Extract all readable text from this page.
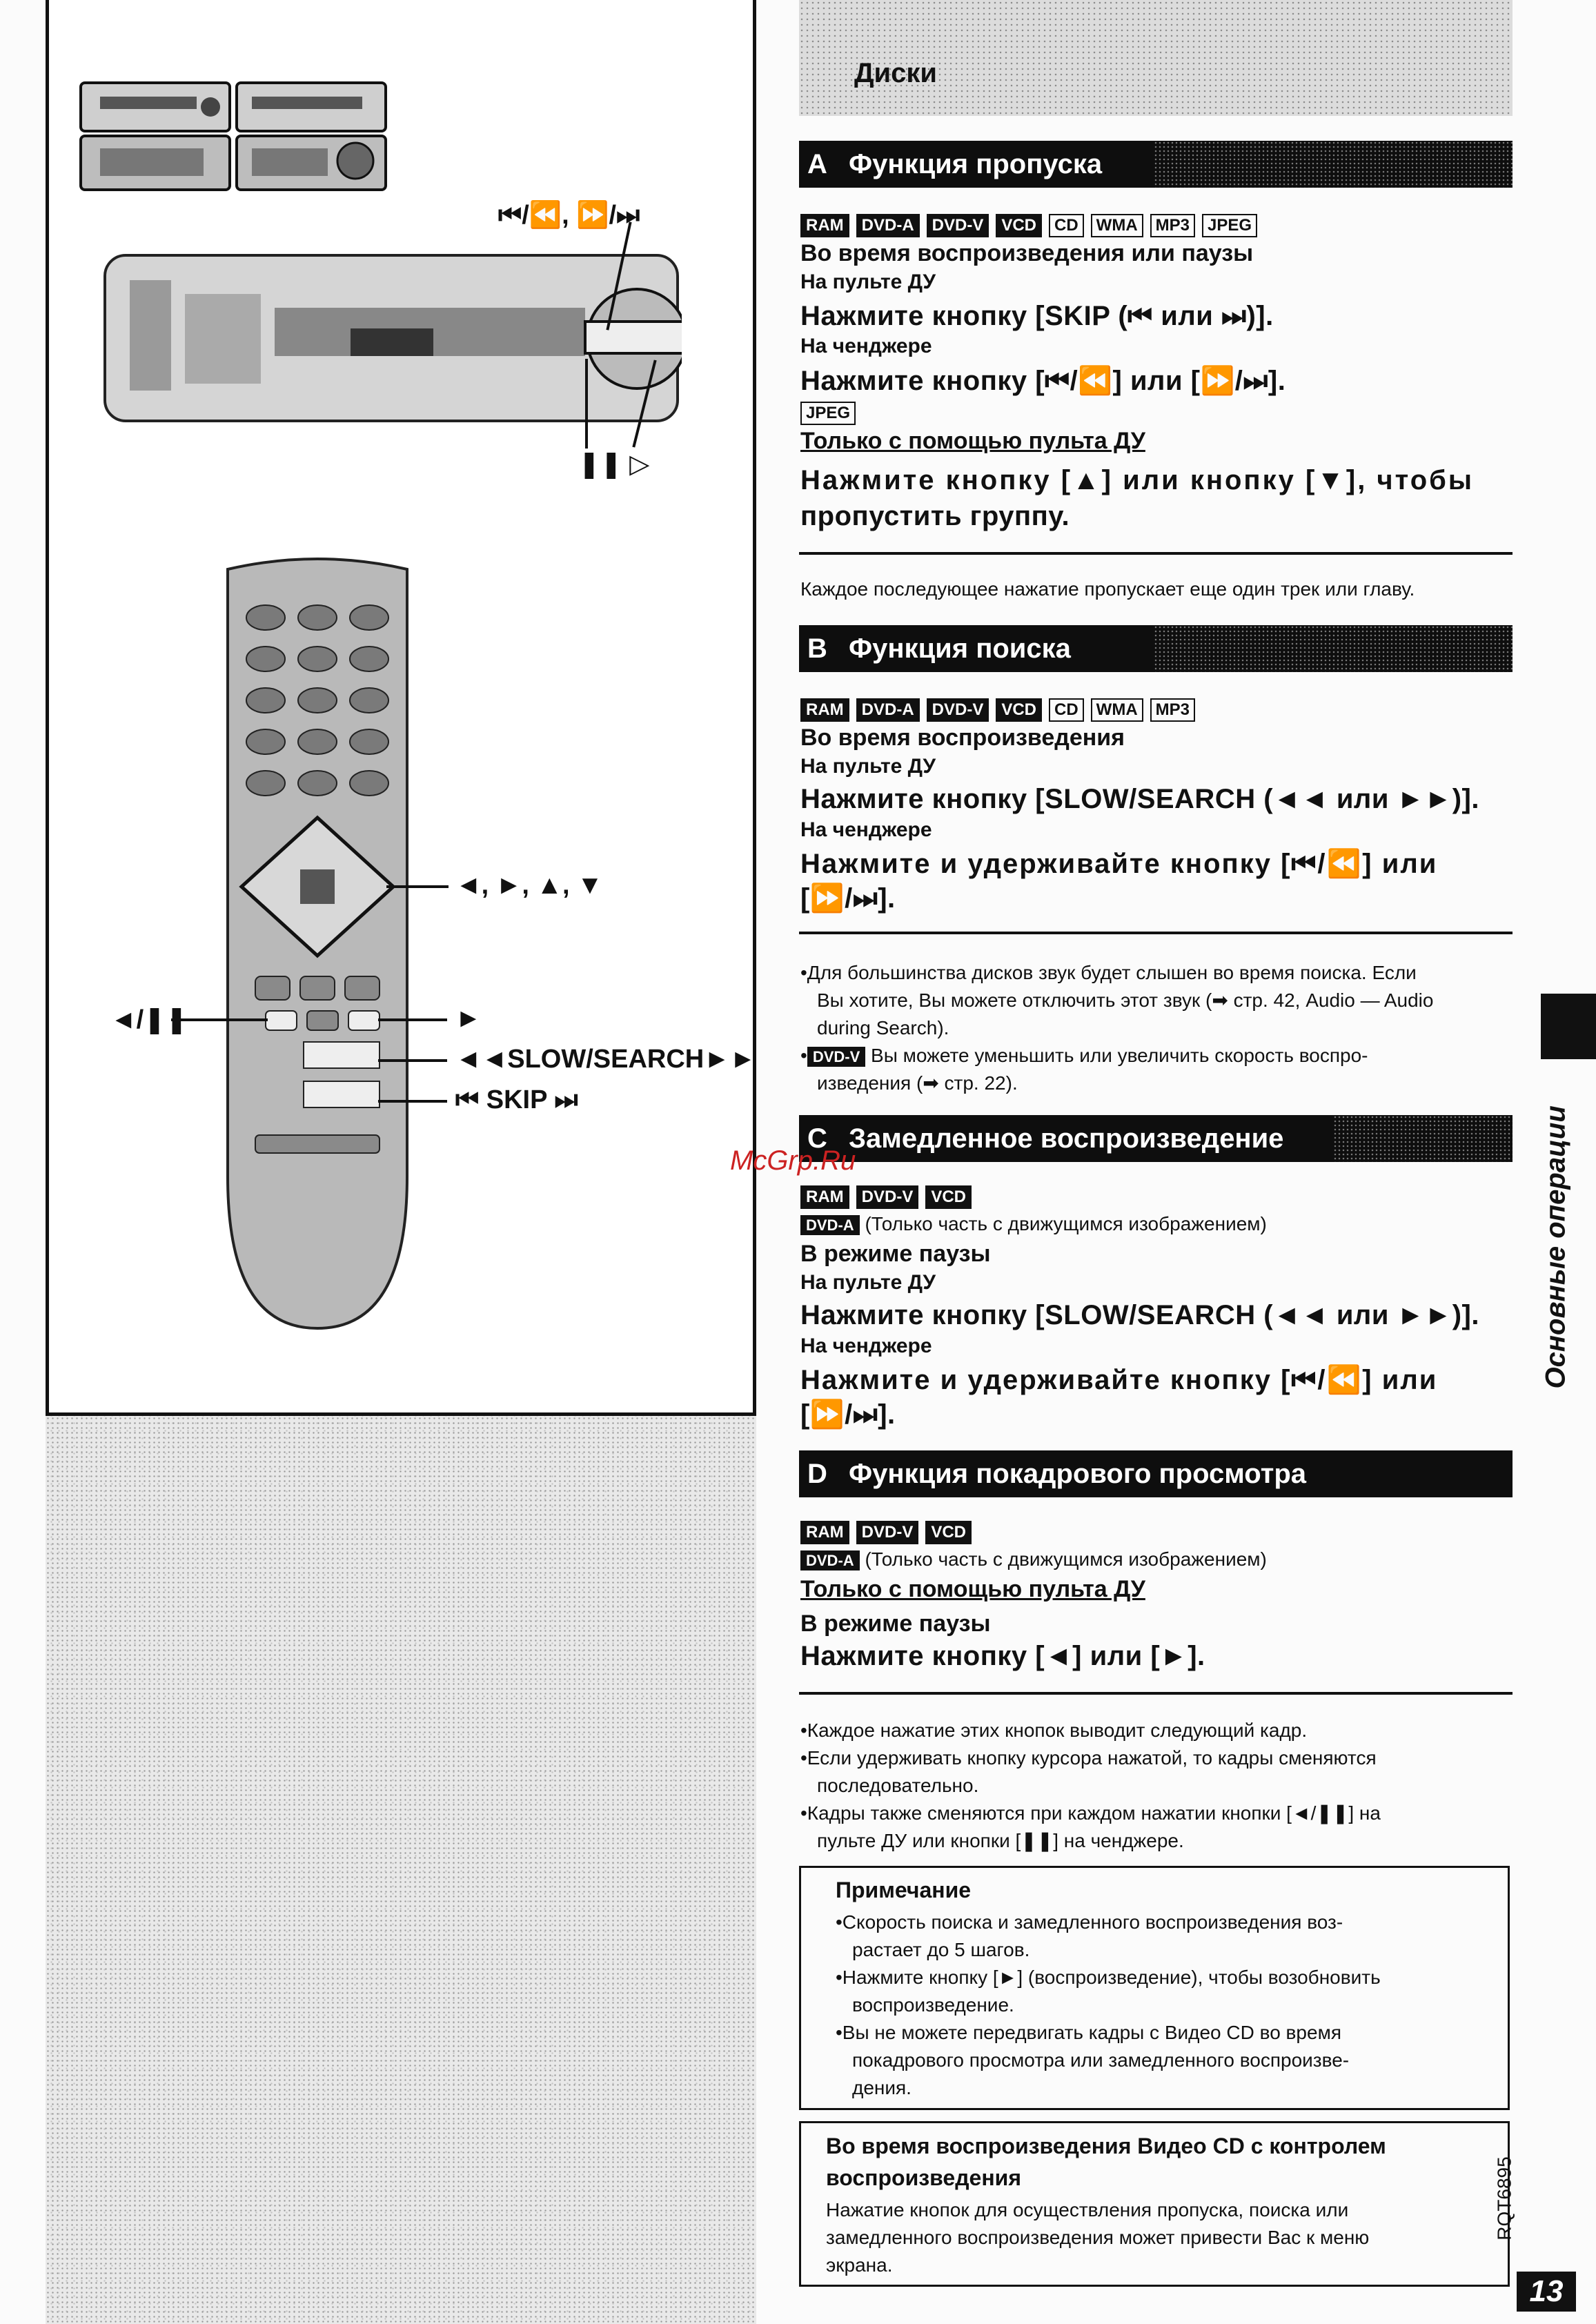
⏮/⏪, ⏩/⏭
❚❚ ▷
◄, ►, ▲, ▼
◄/❚❚	►
◄◄SLOW/SEARCH►►
⏮ SKIP ⏭
Диски
A Функция пропуска
RAM	DVD-A	DVD-V	VCD	CD	WMA	MP3	JPEG
Во время воспроизведения или паузы
На пульте ДУ
Нажмите кнопку [SKIP (⏮ или ⏭)].
На ченджере
Нажмите кнопку [⏮/⏪] или [⏩/⏭].
JPEG
Только с помощью пульта ДУ
Нажмите кнопку [▲] или кнопку [▼], чтобы
пропустить группу.
Каждое последующее нажатие пропускает еще один трек или главу.
B Функция поиска
RAM	DVD-A	DVD-V	VCD	CD	WMA	MP3
Во время воспроизведения
На пульте ДУ
Нажмите кнопку [SLOW/SEARCH (◄◄ или ►►)].
На ченджере
Нажмите и удерживайте кнопку [⏮/⏪] или
[⏩/⏭].

•Для большинства дисков звук будет слышен во время поиска. Если

Вы хотите, Вы можете отключить этот звук (➡ стр. 42, Audio — Audio

during Search).

• DVD-V Вы можете уменьшить или увеличить скорость воспро-

изведения (➡ стр. 22).

C Замедленное воспроизведение
RAM	DVD-V	VCD
DVD-A (Только часть с движущимся изображением)
В режиме паузы
На пульте ДУ
Нажмите кнопку [SLOW/SEARCH (◄◄ или ►►)].
На ченджере
Нажмите и удерживайте кнопку [⏮/⏪] или
[⏩/⏭].
D Функция покадрового просмотра
RAM	DVD-V	VCD
DVD-A (Только часть с движущимся изображением)
Только с помощью пульта ДУ
В режиме паузы
Нажмите кнопку [◄] или [►].

•Каждое нажатие этих кнопок выводит следующий кадр.

•Если удерживать кнопку курсора нажатой, то кадры сменяются

последовательно.

•Кадры также сменяются при каждом нажатии кнопки [◄/❚❚] на

пульте ДУ или кнопки [❚❚] на ченджере.

Примечание

•Скорость поиска и замедленного воспроизведения воз-

растает до 5 шагов.

•Нажмите кнопку [►] (воспроизведение), чтобы возобновить

воспроизведение.

•Вы не можете передвигать кадры с Видео CD во время

покадрового просмотра или замедленного воспроизве-

дения.

Во время воспроизведения Видео CD с контролем
воспроизведения
Нажатие кнопок для осуществления пропуска, поиска или
замедленного воспроизведения может привести Вас к меню
экрана.
Основные операции
RQT6895
13
McGrp.Ru
